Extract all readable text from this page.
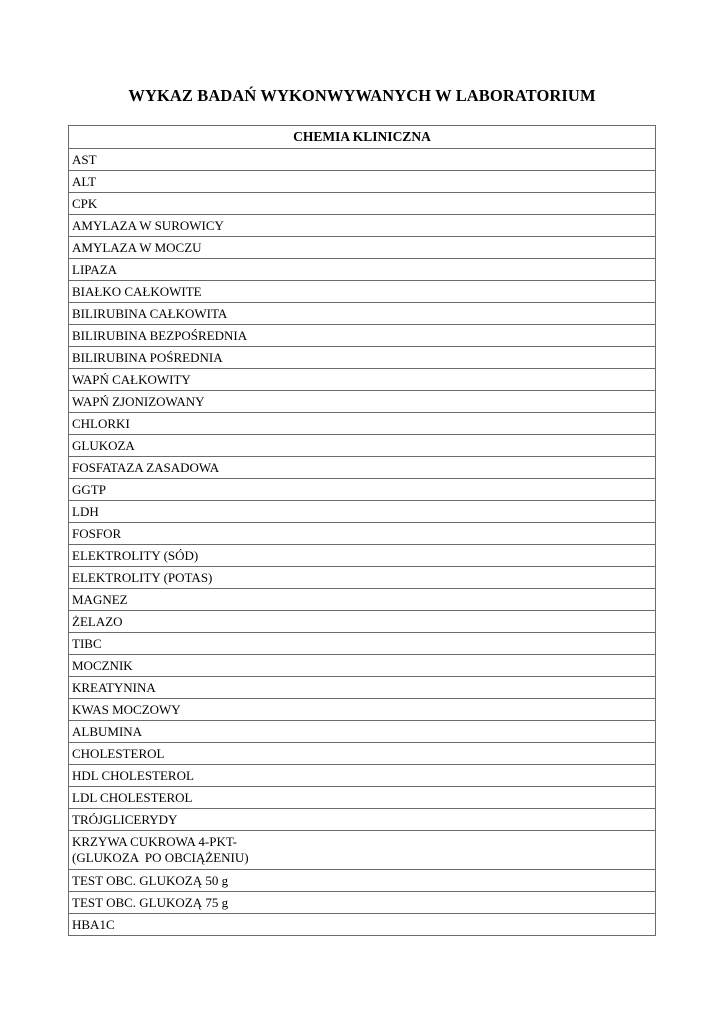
WYKAZ BADAŃ WYKONWYWANYCH W LABORATORIUM
CHEMIA KLINICZNA
AST
ALT
CPK
AMYLAZA W SUROWICY
AMYLAZA W MOCZU
LIPAZA
BIAŁKO CAŁKOWITE
BILIRUBINA CAŁKOWITA
BILIRUBINA BEZPOŚREDNIA
BILIRUBINA POŚREDNIA
WAPŃ CAŁKOWITY
WAPŃ ZJONIZOWANY
CHLORKI
GLUKOZA
FOSFATAZA ZASADOWA
GGTP
LDH
FOSFOR
ELEKTROLITY (SÓD)
ELEKTROLITY (POTAS)
MAGNEZ
ŻELAZO
TIBC
MOCZNIK
KREATYNINA
KWAS MOCZOWY
ALBUMINA
CHOLESTEROL
HDL CHOLESTEROL
LDL CHOLESTEROL
TRÓJGLICERYDY

KRZYWA CUKROWA 4-PKT-
(GLUKOZA  PO OBCIĄŻENIU)

TEST OBC. GLUKOZĄ 50 g
TEST OBC. GLUKOZĄ 75 g
HBA1C
